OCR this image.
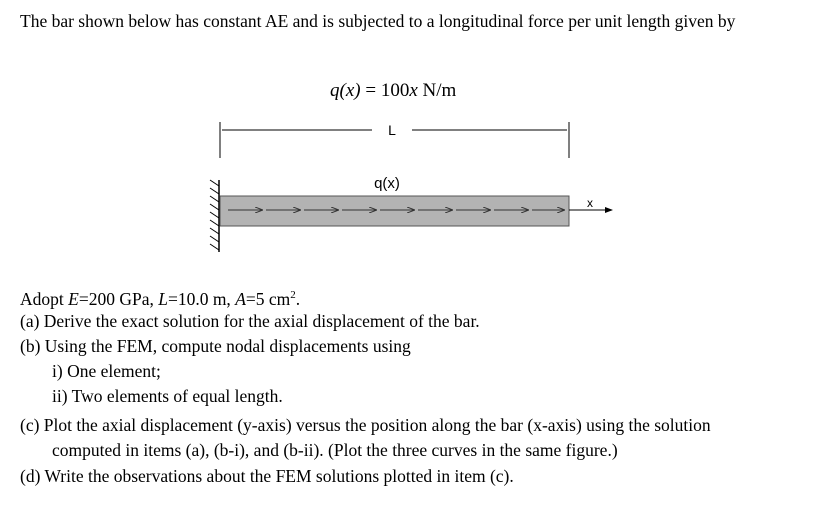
The bar shown below has constant AE and is subjected to a longitudinal force per unit length given by
q(x) = 100x N/m
L
q(x)
x
Adopt E=200 GPa, L=10.0 m, A=5 $cm^2$.
(a) Derive the exact solution for the axial displacement of the bar.
(b) Using the FEM, compute nodal displacements using
i) One element;
ii) Two elements of equal length.
(c) Plot the axial displacement (y-axis) versus the position along the bar (x-axis) using the solution
computed in items (a), (b-i), and (b-ii). (Plot the three curves in the same figure.)
(d) Write the observations about the FEM solutions plotted in item (c).
